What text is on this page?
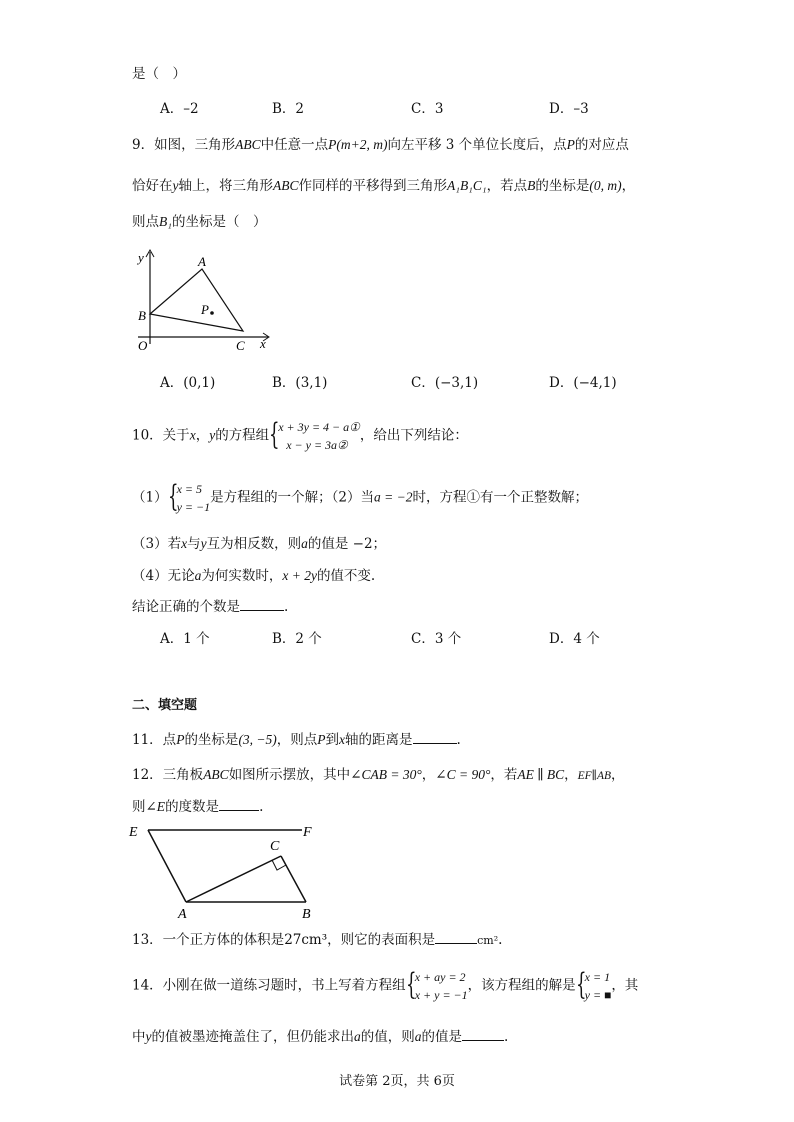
是（　）
A．–2	B．2	C．3	D．–3
9．如图，三角形ABC中任意一点P(m+2, m)向左平移 3 个单位长度后，点P的对应点
恰好在y轴上，将三角形ABC作同样的平移得到三角形A₁B₁C₁，若点B的坐标是(0, m)，
则点B₁的坐标是（　）
y	A
B	P
O	C x
A．(0,1)	B．(3,1)	C．(−3,1)	D．(−4,1)
10．关于x，y的方程组 {
x + 3y = 4 − a①
x − y = 3a②
，给出下列结论：
（1） {
x = 5
y = −1
是方程组的一个解；（2）当a = −2时，方程①有一个正整数解；
（3）若x与y互为相反数，则a的值是 −2；
（4）无论a为何实数时，x + 2y的值不变.
结论正确的个数是	.
A．1 个	B．2 个	C．3 个	D．4 个
二、填空题
11．点P的坐标是(3, −5)，则点P到x轴的距离是	.
12．三角板ABC如图所示摆放，其中∠CAB = 30°，∠C = 90°，若AE ∥ BC，EF∥AB，
则∠E的度数是	.
E	F
C
A	B
13．一个正方体的体积是27cm³，则它的表面积是	cm².
14．小刚在做一道练习题时，书上写着方程组 {
x + ay = 2
x + y = −1
，该方程组的解是 {
x = 1
y = ■
，其
中y的值被墨迹掩盖住了，但仍能求出a的值，则a的值是	.
试卷第 2页，共 6页
